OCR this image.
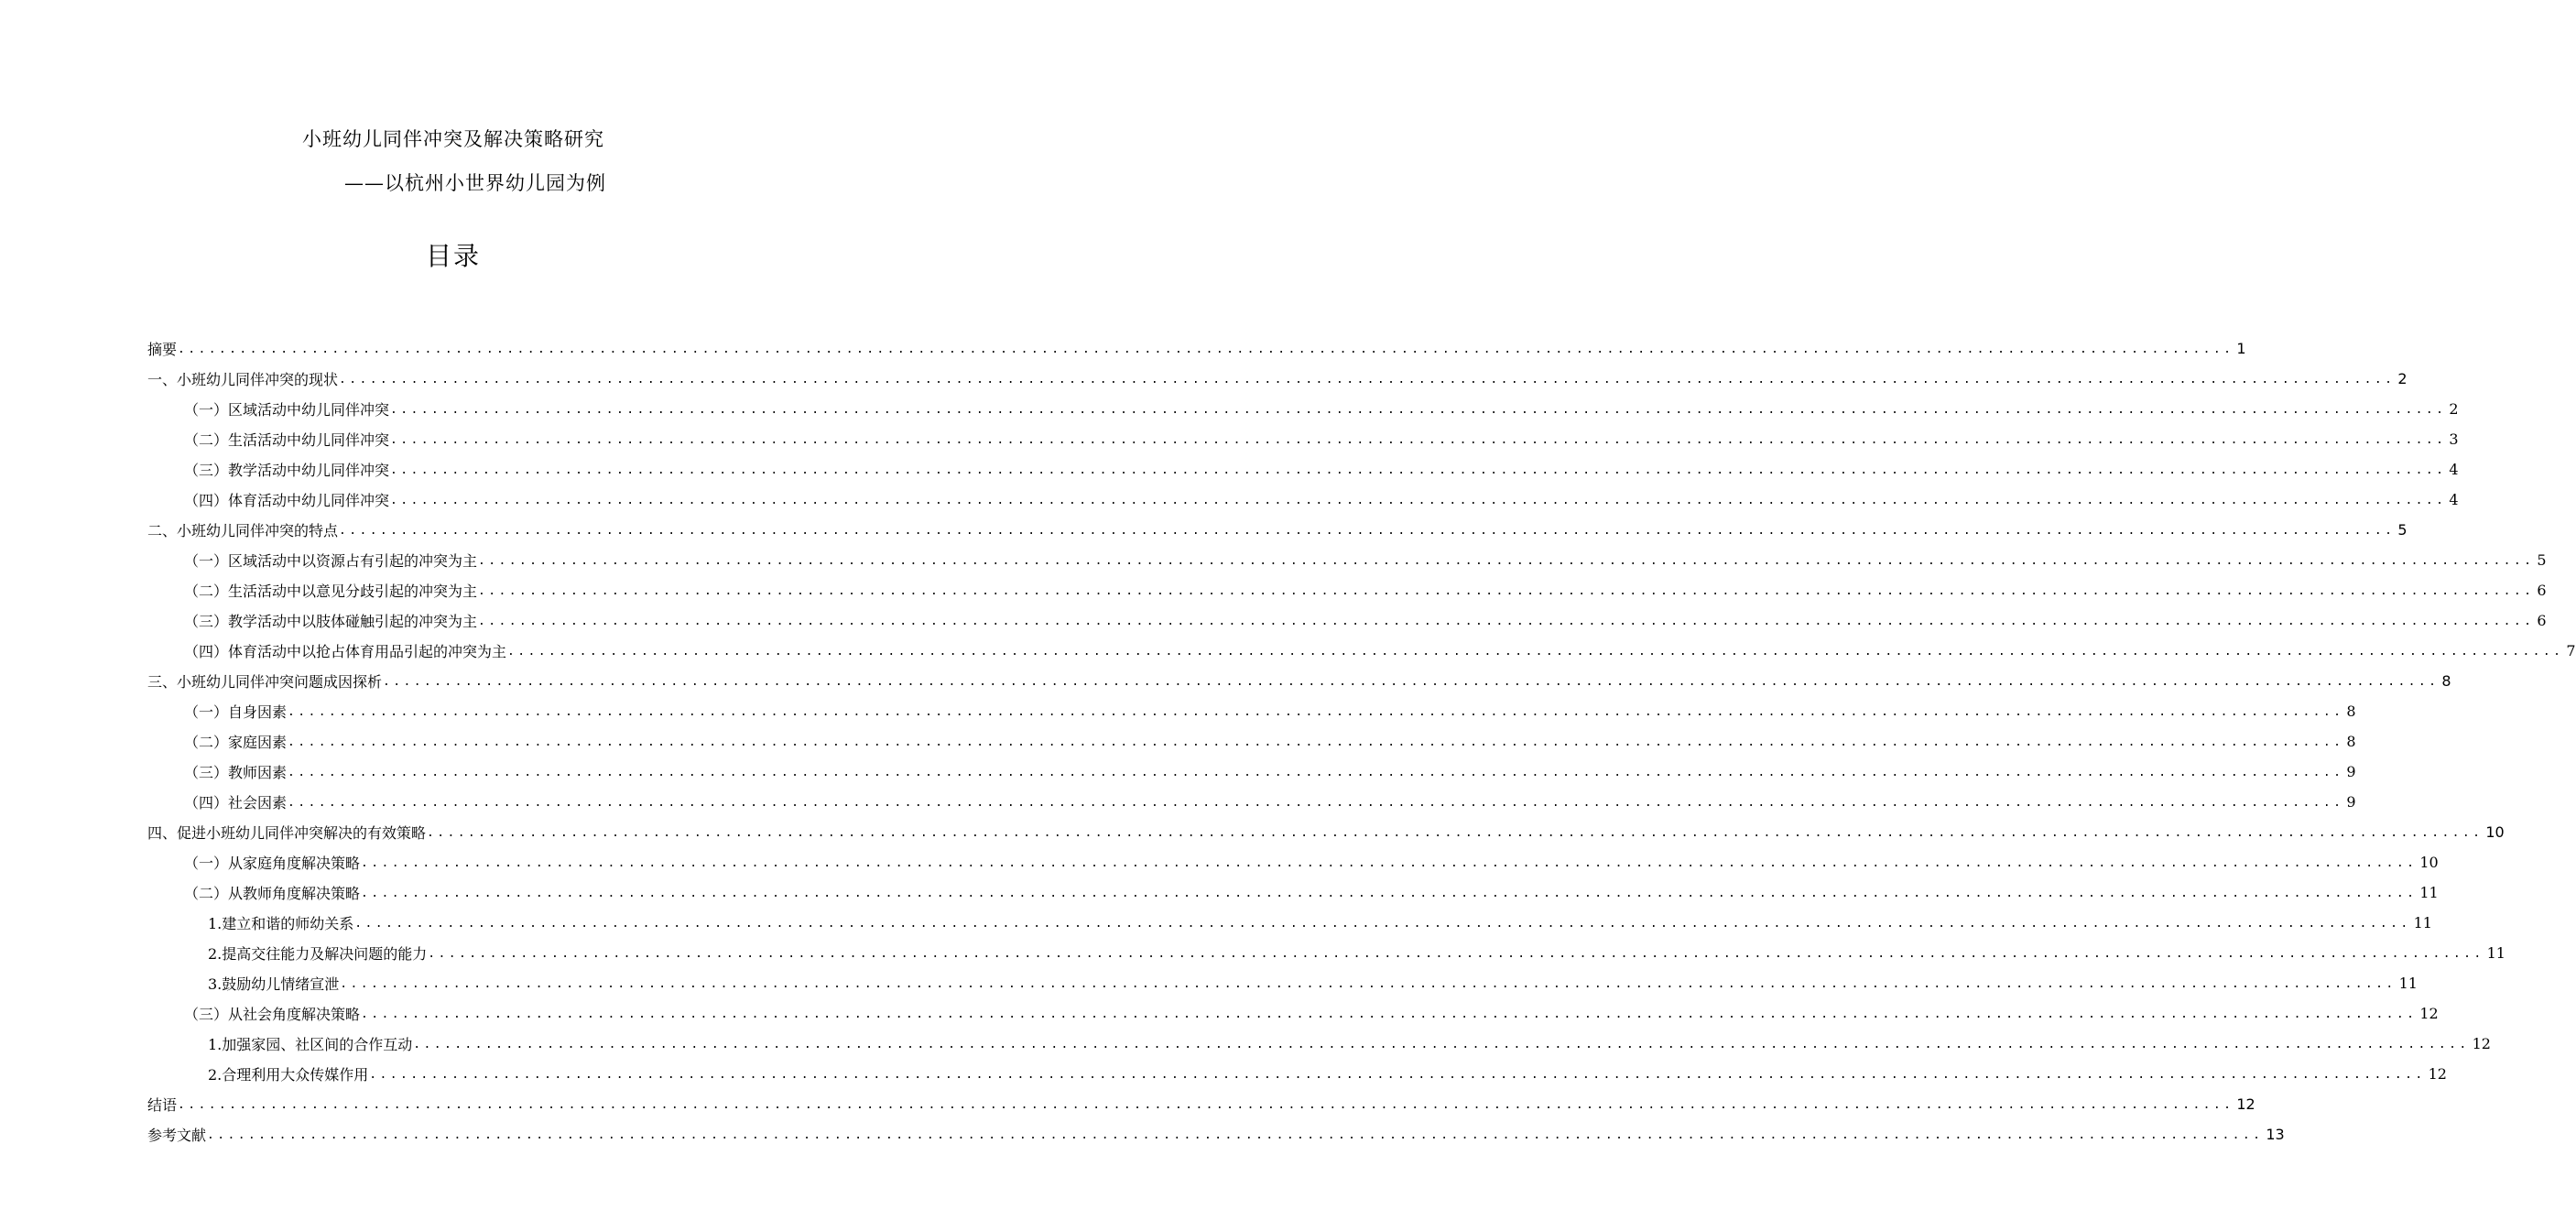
小班幼儿同伴冲突及解决策略研究
——以杭州小世界幼儿园为例
目录
摘要 ........................................................................................................................................................................................................ 1
一、小班幼儿同伴冲突的现状 ........................................................................................................................................................................................................ 2
（一）区域活动中幼儿同伴冲突 ........................................................................................................................................................................................................ 2
（二）生活活动中幼儿同伴冲突 ........................................................................................................................................................................................................ 3
（三）教学活动中幼儿同伴冲突 ........................................................................................................................................................................................................ 4
（四）体育活动中幼儿同伴冲突 ........................................................................................................................................................................................................ 4
二、小班幼儿同伴冲突的特点 ........................................................................................................................................................................................................ 5
（一）区域活动中以资源占有引起的冲突为主 ........................................................................................................................................................................................................ 5
（二）生活活动中以意见分歧引起的冲突为主 ........................................................................................................................................................................................................ 6
（三）教学活动中以肢体碰触引起的冲突为主 ........................................................................................................................................................................................................ 6
（四）体育活动中以抢占体育用品引起的冲突为主 ........................................................................................................................................................................................................ 7
三、小班幼儿同伴冲突问题成因探析 ........................................................................................................................................................................................................ 8
（一）自身因素 ........................................................................................................................................................................................................ 8
（二）家庭因素 ........................................................................................................................................................................................................ 8
（三）教师因素 ........................................................................................................................................................................................................ 9
（四）社会因素 ........................................................................................................................................................................................................ 9
四、促进小班幼儿同伴冲突解决的有效策略 ........................................................................................................................................................................................................ 10
（一）从家庭角度解决策略 ........................................................................................................................................................................................................ 10
（二）从教师角度解决策略 ........................................................................................................................................................................................................ 11
1.建立和谐的师幼关系 ........................................................................................................................................................................................................ 11
2.提高交往能力及解决问题的能力 ........................................................................................................................................................................................................ 11
3.鼓励幼儿情绪宣泄 ........................................................................................................................................................................................................ 11
（三）从社会角度解决策略 ........................................................................................................................................................................................................ 12
1.加强家园、社区间的合作互动 ........................................................................................................................................................................................................ 12
2.合理利用大众传媒作用 ........................................................................................................................................................................................................ 12
结语 ........................................................................................................................................................................................................ 12
参考文献 ........................................................................................................................................................................................................ 13
